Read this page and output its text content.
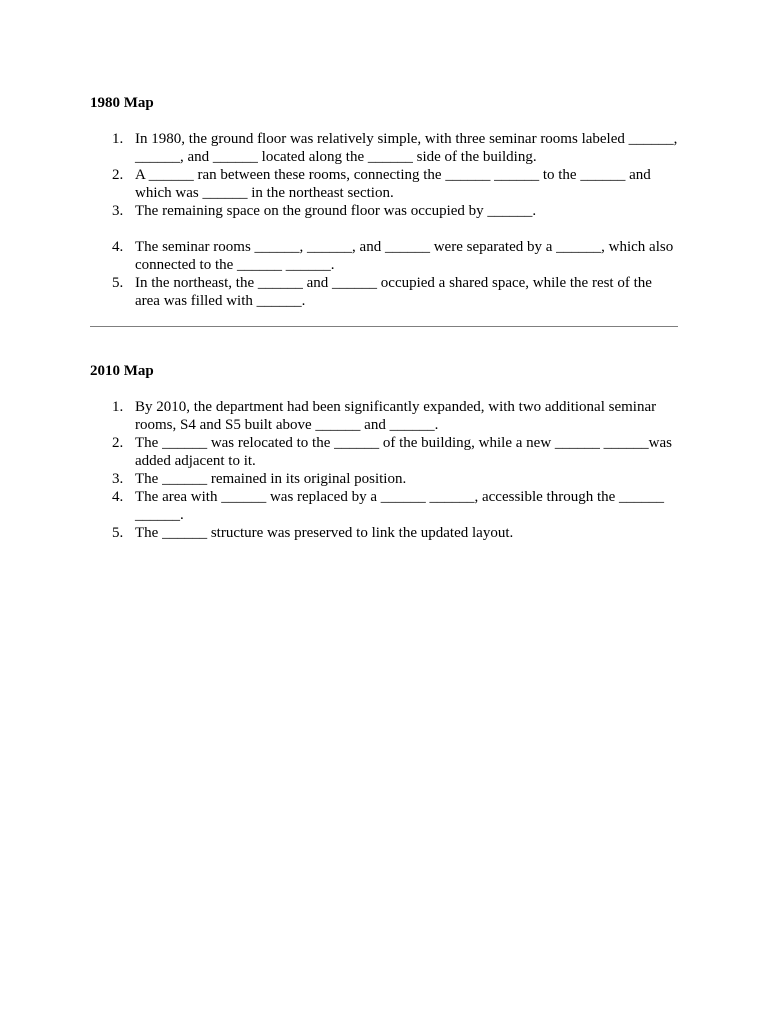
1980 Map
1. In 1980, the ground floor was relatively simple, with three seminar rooms labeled ______, ______, and ______ located along the ______ side of the building.
2. A ______ ran between these rooms, connecting the ______ ______ to the ______ and which was ______ in the northeast section.
3. The remaining space on the ground floor was occupied by ______.
4. The seminar rooms ______, ______, and ______ were separated by a ______, which also connected to the ______ ______.
5. In the northeast, the ______ and ______ occupied a shared space, while the rest of the area was filled with ______.
2010 Map
1. By 2010, the department had been significantly expanded, with two additional seminar rooms, S4 and S5 built above ______ and ______.
2. The ______ was relocated to the ______ of the building, while a new ______ ______was added adjacent to it.
3. The ______ remained in its original position.
4. The area with ______ was replaced by a ______ ______, accessible through the ______ ______.
5. The ______ structure was preserved to link the updated layout.
